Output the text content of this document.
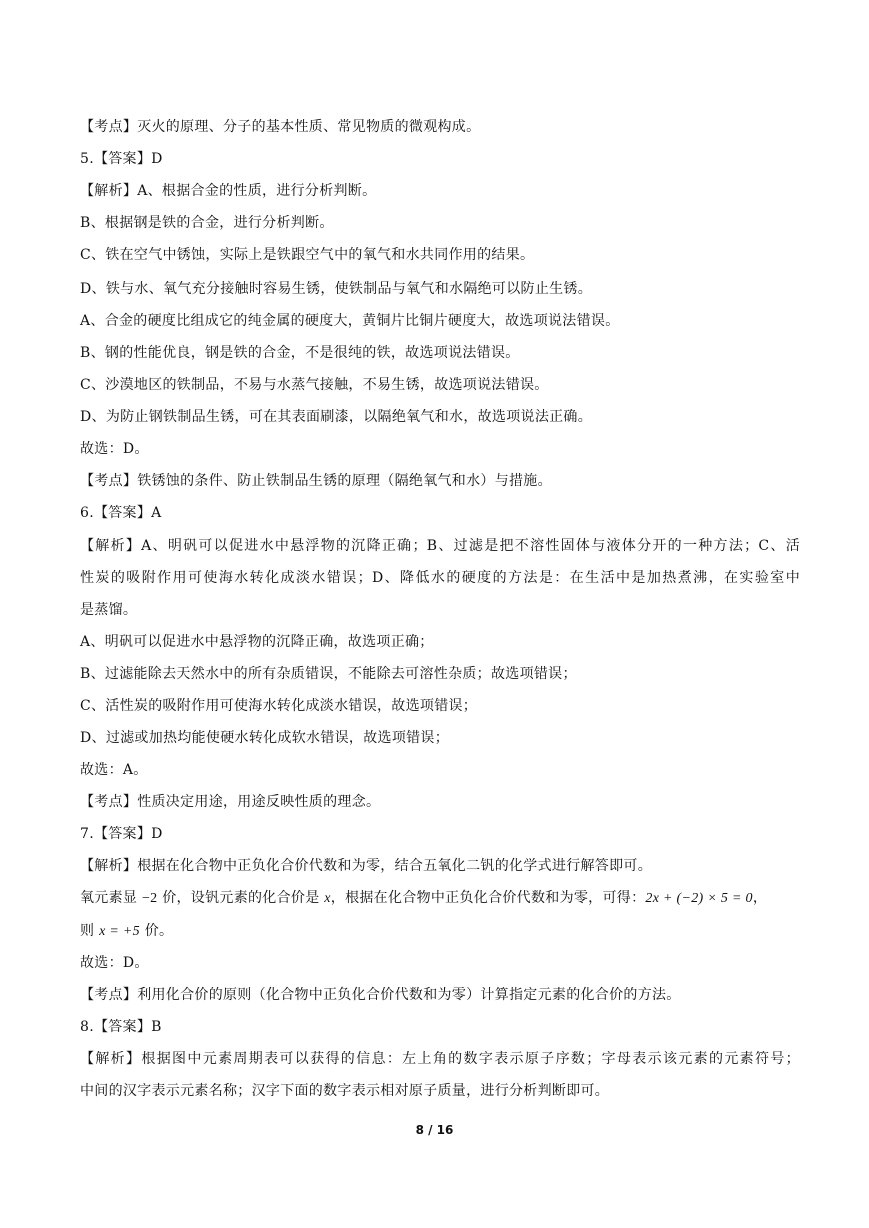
【考点】灭火的原理、分子的基本性质、常见物质的微观构成。
5.【答案】D
【解析】A、根据合金的性质，进行分析判断。
B、根据钢是铁的合金，进行分析判断。
C、铁在空气中锈蚀，实际上是铁跟空气中的氧气和水共同作用的结果。
D、铁与水、氧气充分接触时容易生锈，使铁制品与氧气和水隔绝可以防止生锈。
A、合金的硬度比组成它的纯金属的硬度大，黄铜片比铜片硬度大，故选项说法错误。
B、钢的性能优良，钢是铁的合金，不是很纯的铁，故选项说法错误。
C、沙漠地区的铁制品，不易与水蒸气接触，不易生锈，故选项说法错误。
D、为防止钢铁制品生锈，可在其表面刷漆，以隔绝氧气和水，故选项说法正确。
故选：D。
【考点】铁锈蚀的条件、防止铁制品生锈的原理（隔绝氧气和水）与措施。
6.【答案】A
【解析】A、明矾可以促进水中悬浮物的沉降正确；B、过滤是把不溶性固体与液体分开的一种方法；C、活
性炭的吸附作用可使海水转化成淡水错误；D、降低水的硬度的方法是：在生活中是加热煮沸，在实验室中
是蒸馏。
A、明矾可以促进水中悬浮物的沉降正确，故选项正确；
B、过滤能除去天然水中的所有杂质错误，不能除去可溶性杂质；故选项错误；
C、活性炭的吸附作用可使海水转化成淡水错误，故选项错误；
D、过滤或加热均能使硬水转化成软水错误，故选项错误；
故选：A。
【考点】性质决定用途，用途反映性质的理念。
7.【答案】D
【解析】根据在化合物中正负化合价代数和为零，结合五氧化二钒的化学式进行解答即可。
氧元素显 −2 价，设钒元素的化合价是 x，根据在化合物中正负化合价代数和为零，可得：2x + (−2) × 5 = 0，
则 x = +5 价。
故选：D。
【考点】利用化合价的原则（化合物中正负化合价代数和为零）计算指定元素的化合价的方法。
8.【答案】B
【解析】根据图中元素周期表可以获得的信息：左上角的数字表示原子序数；字母表示该元素的元素符号；
中间的汉字表示元素名称；汉字下面的数字表示相对原子质量，进行分析判断即可。
8 / 16
